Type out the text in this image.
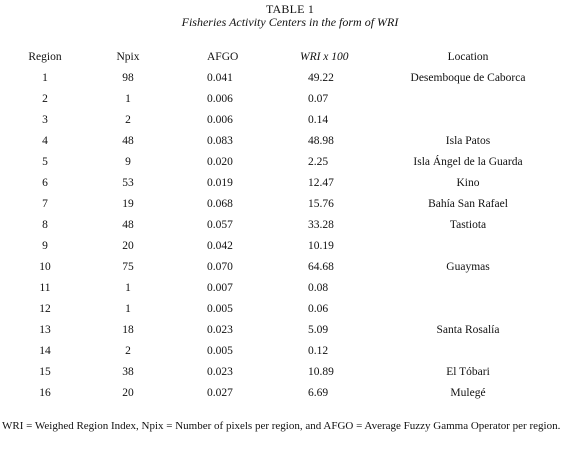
TABLE 1
Fisheries Activity Centers in the form of WRI
Region	Npix	AFGO	WRI x 100	Location
1	98	0.041	49.22	Desemboque de Caborca
2	1	0.006	0.07	
3	2	0.006	0.14	
4	48	0.083	48.98	Isla Patos
5	9	0.020	2.25	Isla Ángel de la Guarda
6	53	0.019	12.47	Kino
7	19	0.068	15.76	Bahía San Rafael
8	48	0.057	33.28	Tastiota
9	20	0.042	10.19	
10	75	0.070	64.68	Guaymas
11	1	0.007	0.08	
12	1	0.005	0.06	
13	18	0.023	5.09	Santa Rosalía
14	2	0.005	0.12	
15	38	0.023	10.89	El Tóbari
16	20	0.027	6.69	Mulegé
WRI = Weighed Region Index, Npix = Number of pixels per region, and AFGO = Average Fuzzy Gamma Operator per region.
